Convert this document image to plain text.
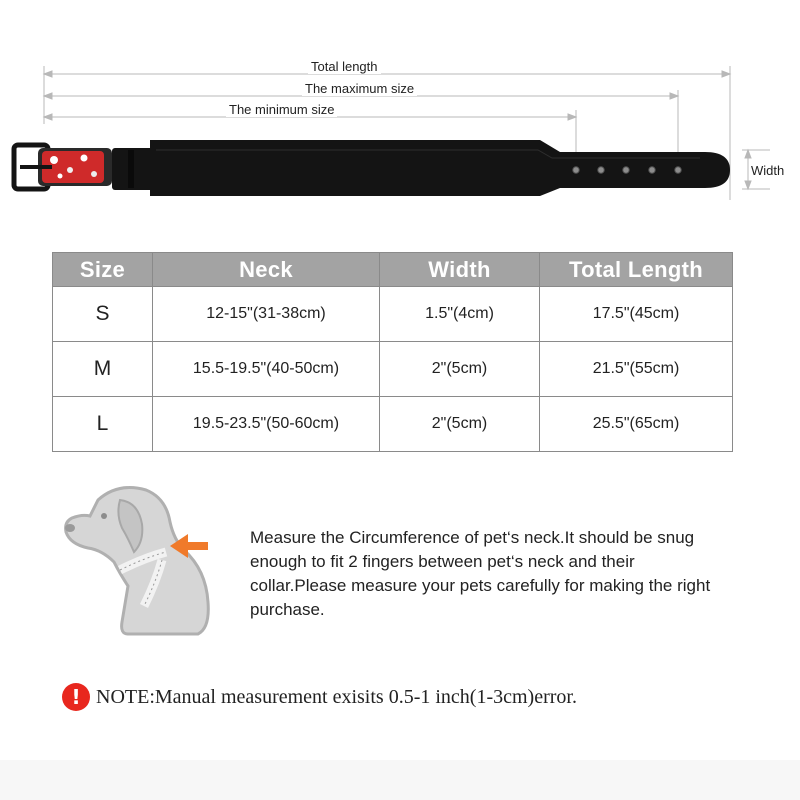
Total length
The maximum size
The minimum size
Width
Size	Neck	Width	Total Length
S	12-15"(31-38cm)	1.5"(4cm)	17.5"(45cm)
M	15.5-19.5"(40-50cm)	2"(5cm)	21.5"(55cm)
L	19.5-23.5"(50-60cm)	2"(5cm)	25.5"(65cm)

Measure the Circumference of pet‘s neck.It should be snug enough to fit 2 fingers between pet‘s neck and their collar.Please measure your pets carefully for making the right purchase.

! NOTE:Manual measurement exisits 0.5-1 inch(1-3cm)error.
